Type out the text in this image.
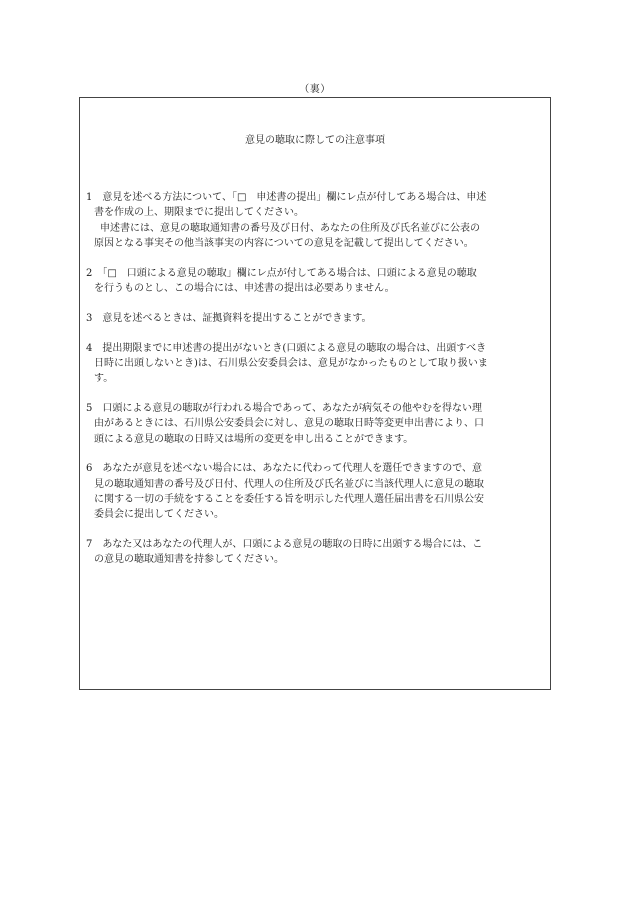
（裏）
意見の聴取に際しての注意事項
1　意見を述べる方法について、「□　申述書の提出」欄にレ点が付してある場合は、申述
書を作成の上、期限までに提出してください。
申述書には、意見の聴取通知書の番号及び日付、あなたの住所及び氏名並びに公表の
原因となる事実その他当該事実の内容についての意見を記載して提出してください。
2　「□　口頭による意見の聴取」欄にレ点が付してある場合は、口頭による意見の聴取
を行うものとし、この場合には、申述書の提出は必要ありません。
3　意見を述べるときは、証拠資料を提出することができます。
4　提出期限までに申述書の提出がないとき(口頭による意見の聴取の場合は、出頭すべき
日時に出頭しないとき)は、石川県公安委員会は、意見がなかったものとして取り扱いま
す。
5　口頭による意見の聴取が行われる場合であって、あなたが病気その他やむを得ない理
由があるときには、石川県公安委員会に対し、意見の聴取日時等変更申出書により、口
頭による意見の聴取の日時又は場所の変更を申し出ることができます。
6　あなたが意見を述べない場合には、あなたに代わって代理人を選任できますので、意
見の聴取通知書の番号及び日付、代理人の住所及び氏名並びに当該代理人に意見の聴取
に関する一切の手続をすることを委任する旨を明示した代理人選任届出書を石川県公安
委員会に提出してください。
7　あなた又はあなたの代理人が、口頭による意見の聴取の日時に出頭する場合には、こ
の意見の聴取通知書を持参してください。
